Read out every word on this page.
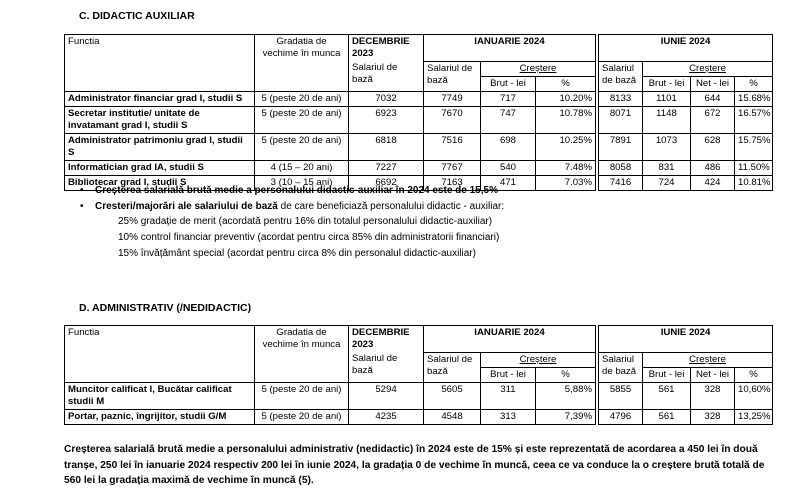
C. DIDACTIC AUXILIAR
Functia	Gradatia de vechime în munca	DECEMBRIE 2023	IANUARIE 2024				IUNIE 2024			
		Salariul de bază	Salariul de bază	Creștere			Salariul de bază	Creștere		
				Brut - lei	%			Brut - lei	Net - lei	%
Administrator financiar grad I, studii S	5 (peste 20 de ani)	7032	7749	717	10.20%		8133	1101	644	15.68%
Secretar institutie/ unitate de invatamant grad I, studii S	5 (peste 20 de ani)	6923	7670	747	10.78%		8071	1148	672	16.57%
Administrator patrimoniu grad I, studii S	5 (peste 20 de ani)	6818	7516	698	10.25%		7891	1073	628	15.75%
Informatician grad IA, studii S	4 (15 – 20 ani)	7227	7767	540	7.48%		8058	831	486	11.50%
Bibliotecar grad I, studii S	3 (10 – 15 ani)	6692	7163	471	7.03%		7416	724	424	10.81%
• Creșterea salarială brută medie a personalului didactic-auxiliar în 2024 este de 15,5%
• Cresteri/majorări ale salariului de bază de care beneficiază personalului didactic - auxiliar:
25% gradație de merit (acordată pentru 16% din totalul personalului didactic-auxiliar)
10% control financiar preventiv (acordat pentru circa 85% din administratorii financiari)
15% învățământ special (acordat pentru circa 8% din personalul didactic-auxiliar)
D. ADMINISTRATIV (/NEDIDACTIC)
Functia	Gradatia de vechime în munca	DECEMBRIE 2023	IANUARIE 2024				IUNIE 2024			
		Salariul de bază	Salariul de bază	Creștere			Salariul de bază	Creștere		
				Brut - lei	%			Brut - lei	Net - lei	%
Muncitor calificat I, Bucătar calificat studii M	5 (peste 20 de ani)	5294	5605	311	5,88%		5855	561	328	10,60%
Portar, paznic, îngrijitor, studii G/M	5 (peste 20 de ani)	4235	4548	313	7,39%		4796	561	328	13,25%
Creșterea salarială brută medie a personalului administrativ (nedidactic) în 2024 este de 15% și este reprezentată de acordarea a 450 lei în două tranșe, 250 lei în ianuarie 2024 respectiv 200 lei în iunie 2024, la gradația 0 de vechime în muncă, ceea ce va conduce la o creștere brută totală de 560 lei la gradația maximă de vechime în muncă (5).
